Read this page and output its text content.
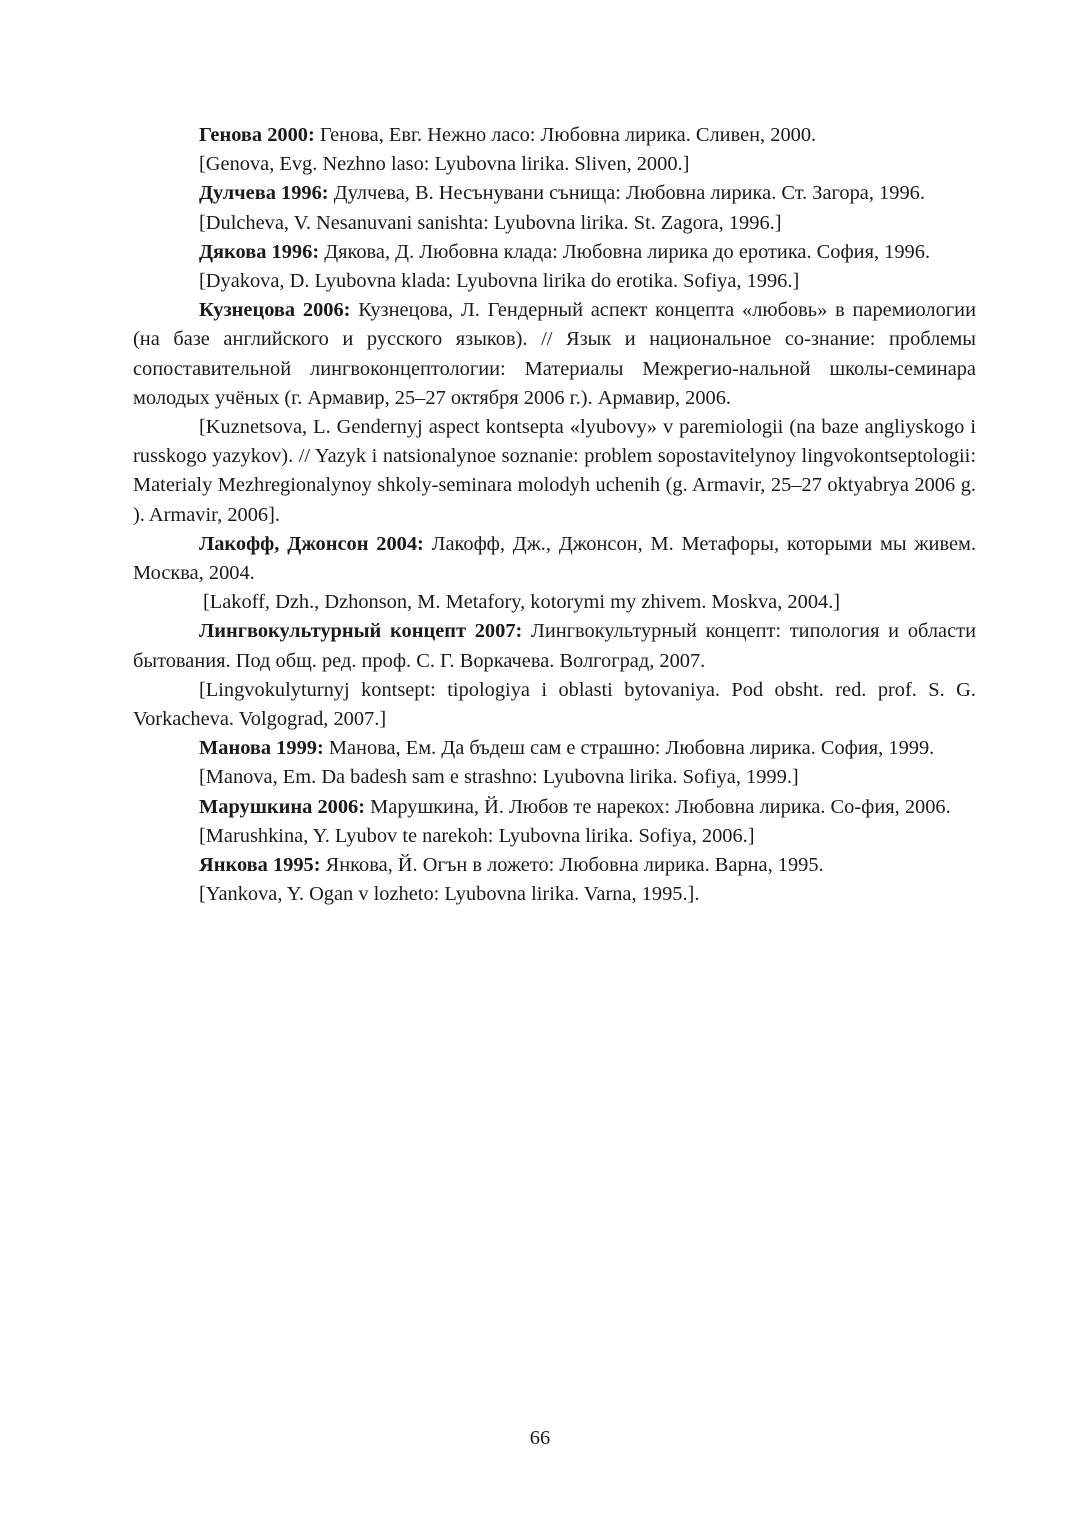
Генова 2000: Генова, Евг. Нежно ласо: Любовна лирика. Сливен, 2000.

[Genova, Evg. Nezhno laso: Lyubovna lirika. Sliven, 2000.]

Дулчева 1996: Дулчева, В. Несънувани сънища: Любовна лирика. Ст. Загора, 1996.

[Dulcheva, V. Nesanuvani sanishta: Lyubovna lirika. St. Zagora, 1996.]

Дякова 1996: Дякова, Д. Любовна клада: Любовна лирика до еротика. София, 1996.

[Dyakova, D. Lyubovna klada: Lyubovna lirika do erotika. Sofiya, 1996.]

Кузнецова 2006: Кузнецова, Л. Гендерный аспект концепта «любовь» в паремиологии (на базе английского и русского языков). // Язык и национальное со-знание: проблемы сопоставительной лингвоконцептологии: Материалы Межрегио-нальной школы-семинара молодых учёных (г. Армавир, 25–27 октября 2006 г.). Армавир, 2006.

[Kuznetsova, L. Gendernyj aspect kontsepta «lyubovy» v paremiologii (na baze angliyskogo i russkogo yazykov). // Yazyk i natsionalynoe soznanie: problem sopostavitelynoy lingvokontseptologii: Materialy Mezhregionalynoy shkoly-seminara molodyh uchenih (g. Armavir, 25–27 oktyabrya 2006 g. ). Armavir, 2006].

Лакофф, Джонсон 2004: Лакофф, Дж., Джонсон, М. Метафоры, которыми мы живем. Москва, 2004.

[Lakoff, Dzh., Dzhonson, M. Metafory, kotorymi my zhivem. Moskva, 2004.]

Лингвокультурный концепт 2007: Лингвокультурный концепт: типология и области бытования. Под общ. ред. проф. С. Г. Воркачева. Волгоград, 2007.

[Lingvokulyturnyj kontsept: tipologiya i oblasti bytovaniya. Pod obsht. red. prof. S. G. Vorkacheva. Volgograd, 2007.]

Манова 1999: Манова, Ем. Да бъдеш сам е страшно: Любовна лирика. София, 1999.

[Manova, Em. Da badesh sam e strashno: Lyubovna lirika. Sofiya, 1999.]

Марушкина 2006: Марушкина, Й. Любов те нарекох: Любовна лирика. Со-фия, 2006.

[Marushkina, Y. Lyubov te narekoh: Lyubovna lirika. Sofiya, 2006.]

Янкова 1995: Янкова, Й. Огън в ложето: Любовна лирика. Варна, 1995.

[Yankova, Y. Ogan v lozheto: Lyubovna lirika. Varna, 1995.].

66
